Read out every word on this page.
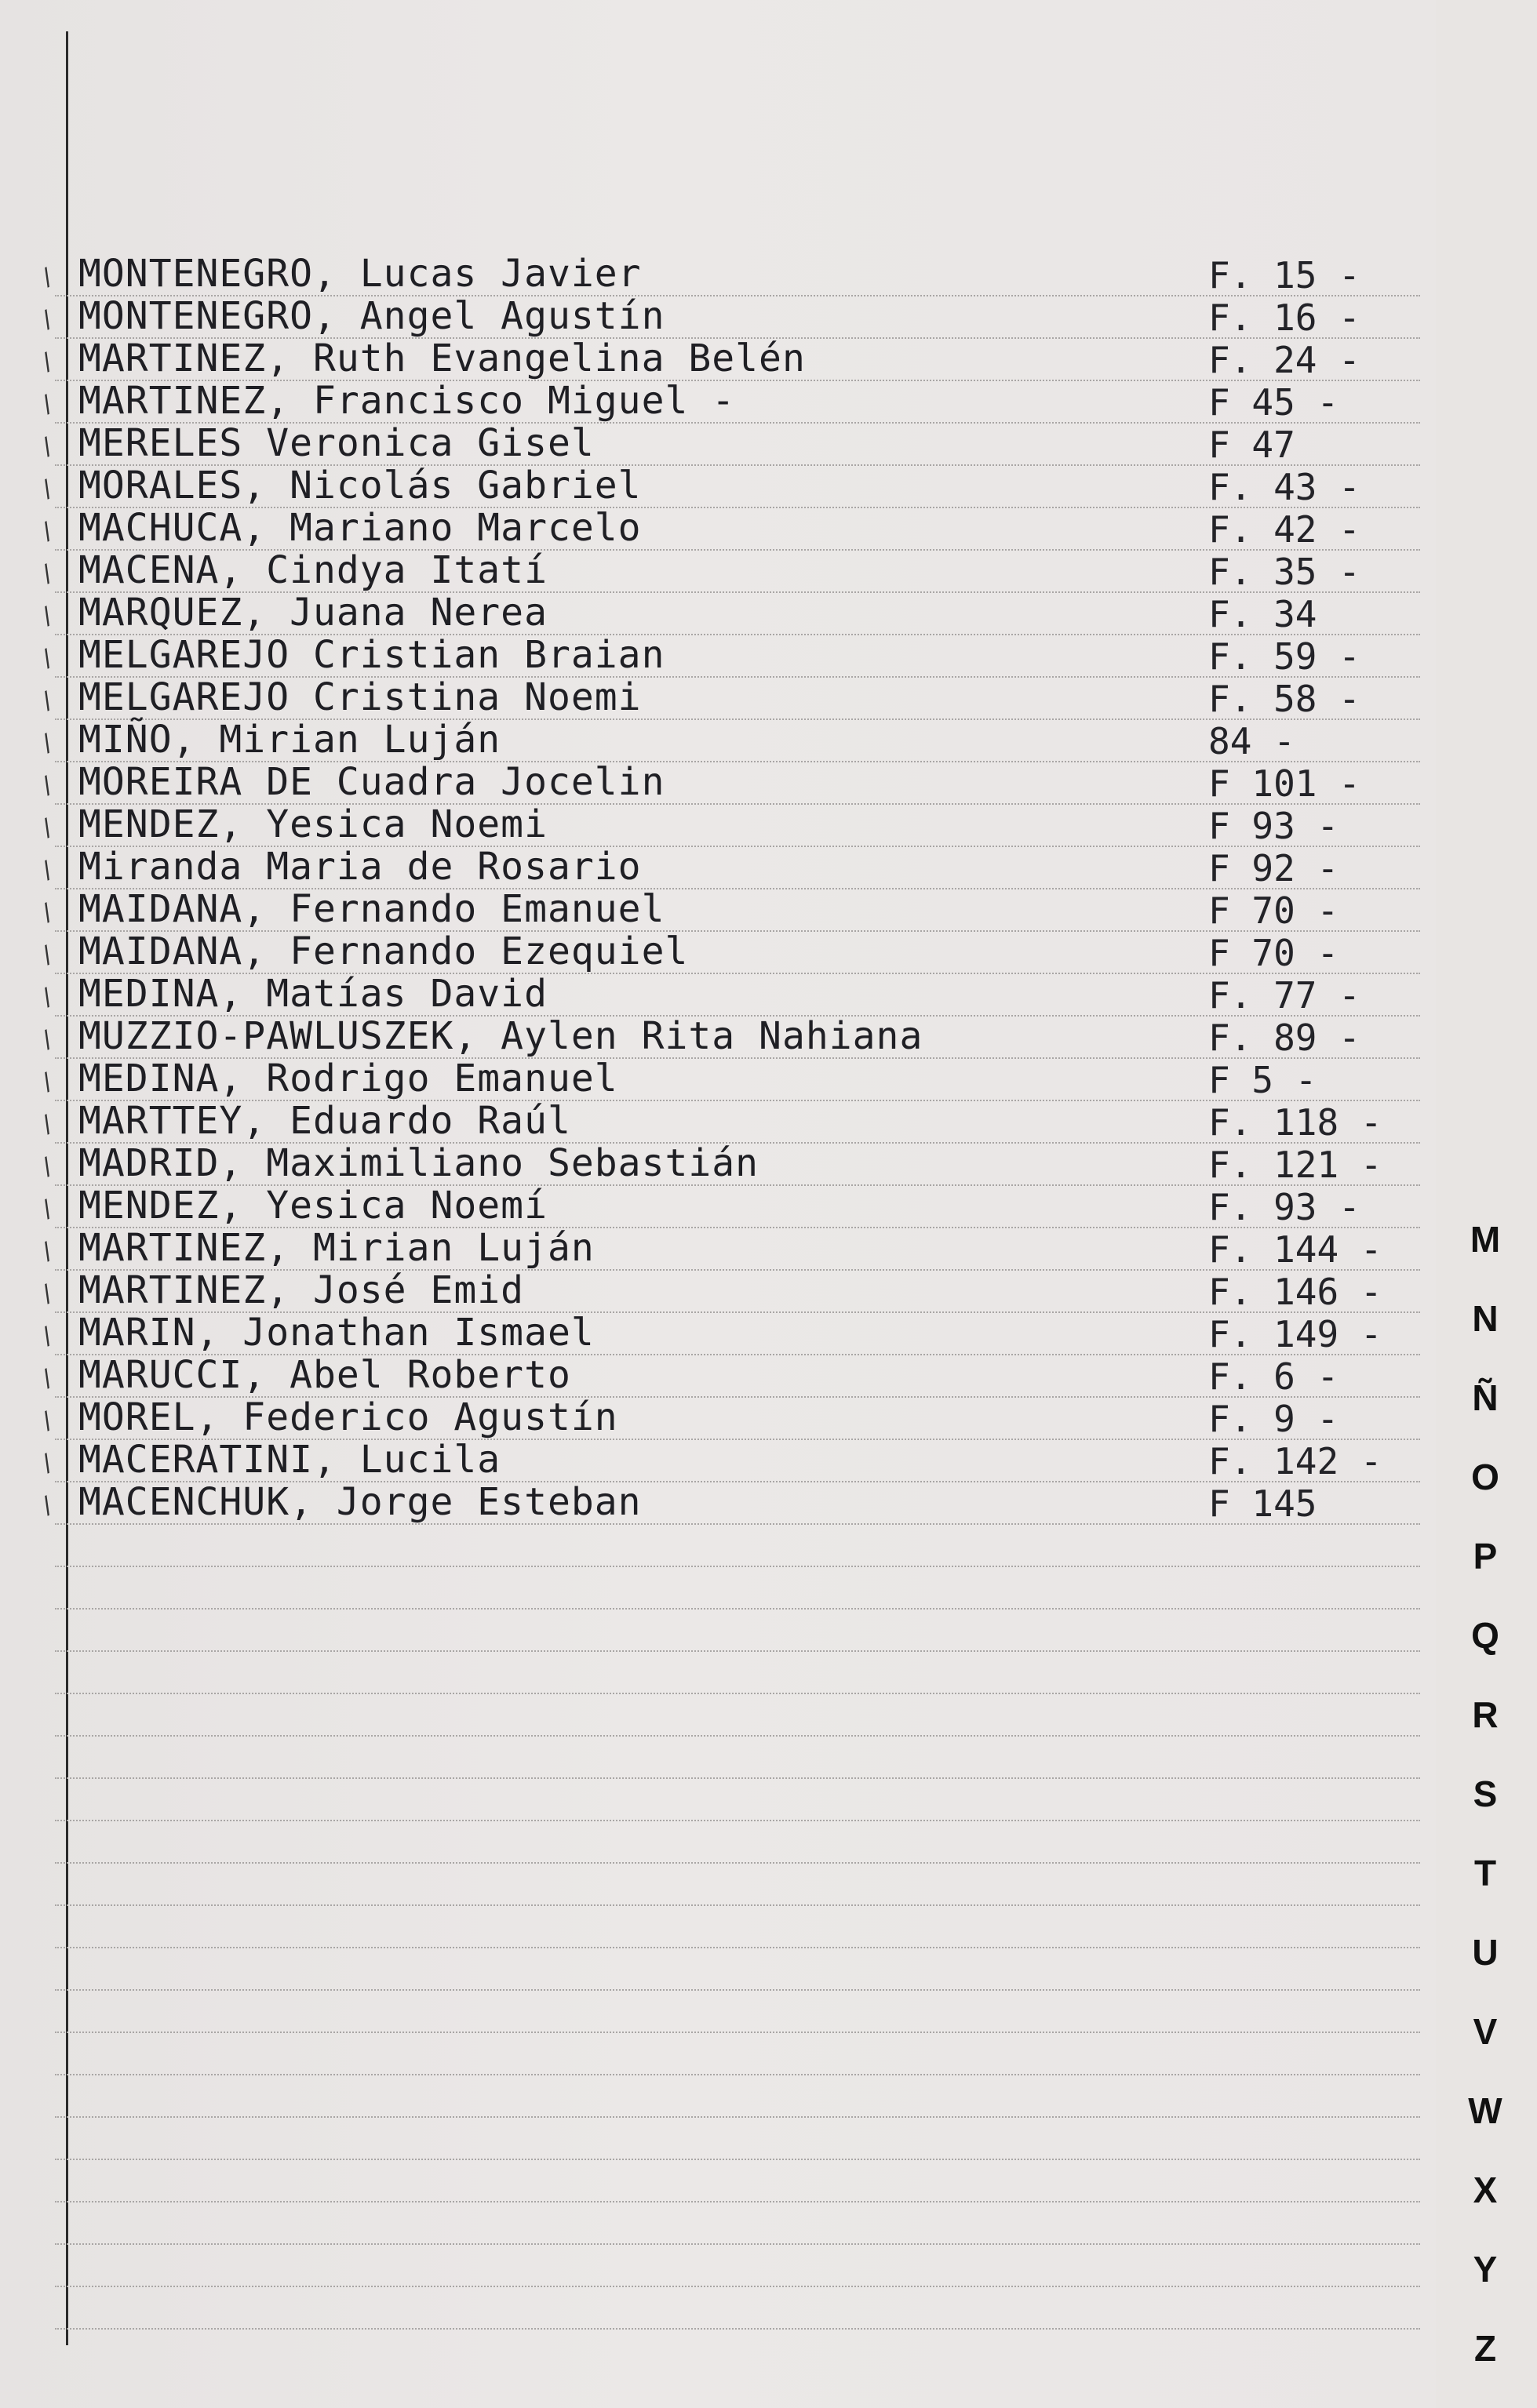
/ MONTENEGRO, Lucas Javier	F. 15 -
/ MONTENEGRO, Angel Agustín	F. 16 -
/ MARTINEZ, Ruth Evangelina Belén	F. 24 -
/ MARTINEZ, Francisco Miguel -	F 45 -
/ MERELES Veronica Gisel	F 47
/ MORALES, Nicolás Gabriel	F. 43 -
/ MACHUCA, Mariano Marcelo	F. 42 -
/ MACENA, Cindya Itatí	F. 35 -
/ MARQUEZ, Juana Nerea	F. 34
/ MELGAREJO Cristian Braian	F. 59 -
/ MELGAREJO Cristina Noemi	F. 58 -
/ MIÑO, Mirian Luján	84 -
/ MOREIRA DE Cuadra Jocelin	F 101 -
/ MENDEZ, Yesica Noemi	F 93 -
/ Miranda Maria de Rosario	F 92 -
/ MAIDANA, Fernando Emanuel	F 70 -
/ MAIDANA, Fernando Ezequiel	F 70 -
/ MEDINA, Matías David	F. 77 -
/ MUZZIO-PAWLUSZEK, Aylen Rita Nahiana	F. 89 -
/ MEDINA, Rodrigo Emanuel	F 5 -
/ MARTTEY, Eduardo Raúl	F. 118 -
/ MADRID, Maximiliano Sebastián	F. 121 -
/ MENDEZ, Yesica Noemí	F. 93 -
/ MARTINEZ, Mirian Luján	F. 144 -
/ MARTINEZ, José Emid	F. 146 -
/ MARIN, Jonathan Ismael	F. 149 -
/ MARUCCI, Abel Roberto	F. 6 -
/ MOREL, Federico Agustín	F. 9 -
/ MACERATINI, Lucila	F. 142 -
/ MACENCHUK, Jorge Esteban	F 145
M
N
Ñ
O
P
Q
R
S
T
U
V
W
X
Y
Z
